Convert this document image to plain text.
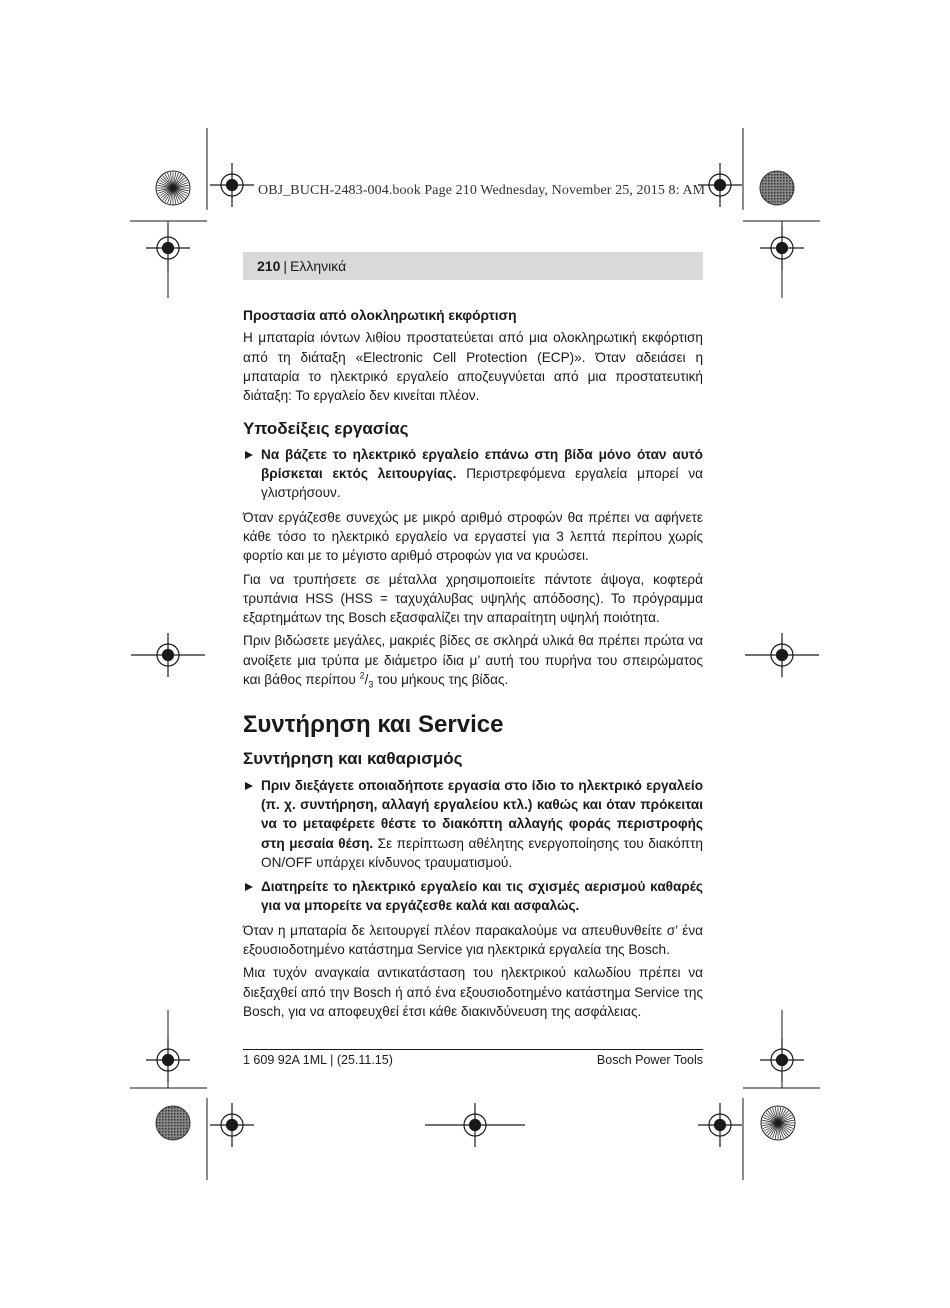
OBJ_BUCH-2483-004.book Page 210 Wednesday, November 25, 2015 8: AM
210 | Ελληνικά
Προστασία από ολοκληρωτική εκφόρτιση

Η μπαταρία ιόντων λιθίου προστατεύεται από μια ολοκληρωτική εκφόρτιση από τη διάταξη «Electronic Cell Protection (ECP)». Όταν αδειάσει η μπαταρία το ηλεκτρικό εργαλείο αποζευγνύεται από μια προστατευτική διάταξη: Το εργαλείο δεν κινείται πλέον.

Υποδείξεις εργασίας
Να βάζετε το ηλεκτρικό εργαλείο επάνω στη βίδα μόνο όταν αυτό βρίσκεται εκτός λειτουργίας. Περιστρεφόμενα εργαλεία μπορεί να γλιστρήσουν.

Όταν εργάζεσθε συνεχώς με μικρό αριθμό στροφών θα πρέπει να αφήνετε κάθε τόσο το ηλεκτρικό εργαλείο να εργαστεί για 3 λεπτά περίπου χωρίς φορτίο και με το μέγιστο αριθμό στροφών για να κρυώσει.

Για να τρυπήσετε σε μέταλλα χρησιμοποιείτε πάντοτε άψογα, κοφτερά τρυπάνια HSS (HSS = ταχυχάλυβας υψηλής απόδοσης). Το πρόγραμμα εξαρτημάτων της Bosch εξασφαλίζει την απαραίτητη υψηλή ποιότητα.

Πριν βιδώσετε μεγάλες, μακριές βίδες σε σκληρά υλικά θα πρέπει πρώτα να ανοίξετε μια τρύπα με διάμετρο ίδια μ’ αυτή του πυρήνα του σπειρώματος και βάθος περίπου $^2/_3$ του μήκους της βίδας.

Συντήρηση και Service
Συντήρηση και καθαρισμός
Πριν διεξάγετε οποιαδήποτε εργασία στο ίδιο το ηλεκτρικό εργαλείο (π. χ. συντήρηση, αλλαγή εργαλείου κτλ.) καθώς και όταν πρόκειται να το μεταφέρετε θέστε το διακόπτη αλλαγής φοράς περιστροφής στη μεσαία θέση. Σε περίπτωση αθέλητης ενεργοποίησης του διακόπτη ON/OFF υπάρχει κίνδυνος τραυματισμού.
Διατηρείτε το ηλεκτρικό εργαλείο και τις σχισμές αερισμού καθαρές για να μπορείτε να εργάζεσθε καλά και ασφαλώς.

Όταν η μπαταρία δε λειτουργεί πλέον παρακαλούμε να απευθυνθείτε σ’ ένα εξουσιοδοτημένο κατάστημα Service για ηλεκτρικά εργαλεία της Bosch.

Μια τυχόν αναγκαία αντικατάσταση του ηλεκτρικού καλωδίου πρέπει να διεξαχθεί από την Bosch ή από ένα εξουσιοδοτημένο κατάστημα Service της Bosch, για να αποφευχθεί έτσι κάθε διακινδύνευση της ασφάλειας.

1 609 92A 1ML | (25.11.15)	Bosch Power Tools
